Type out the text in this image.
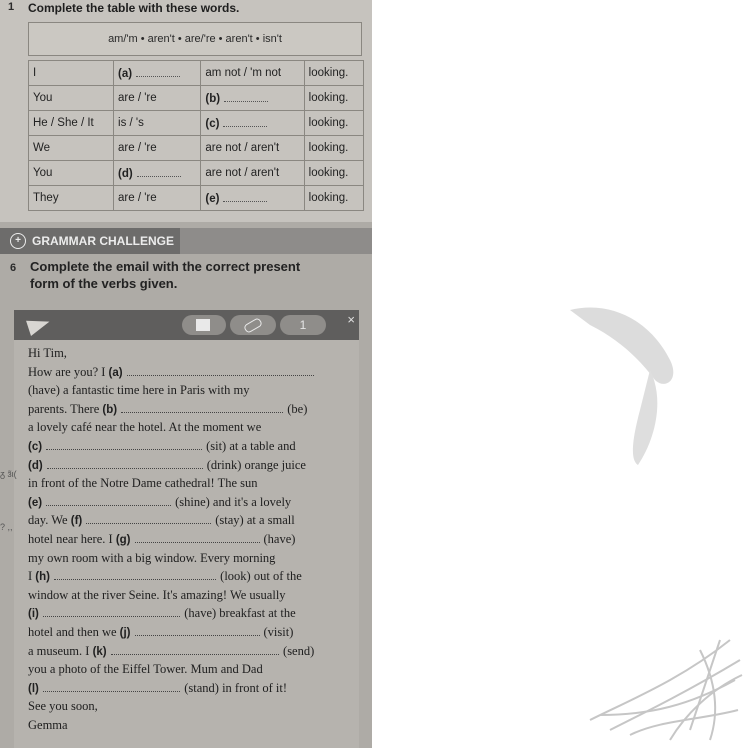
1 Complete the table with these words.
am/'m • aren't • are/'re • aren't • isn't
I	(a)	am not / 'm not	looking.
You	are / 're	(b)	looking.
He / She / It	is / 's	(c)	looking.
We	are / 're	are not / aren't	looking.
You	(d)	are not / aren't	looking.
They	are / 're	(e)	looking.
+ GRAMMAR CHALLENGE
6 Complete the email with the correct present
form of the verbs given.
1	×

Hi Tim,

How are you? I (a)

(have) a fantastic time here in Paris with my

parents. There (b)	(be)

a lovely café near the hotel. At the moment we

(c)	(sit) at a table and

(d)	(drink) orange juice

in front of the Notre Dame cathedral! The sun

(e)	(shine) and it's a lovely

day. We (f)	(stay) at a small

hotel near here. I (g)	(have)

my own room with a big window. Every morning

I (h)	(look) out of the

window at the river Seine. It's amazing! We usually

(i)	(have) breakfast at the

hotel and then we (j)	(visit)

a museum. I (k)	(send)

you a photo of the Eiffel Tower. Mum and Dad

(l)	(stand) in front of it!

See you soon,

Gemma

ᵹ ɜ̃ι(
? ,,
